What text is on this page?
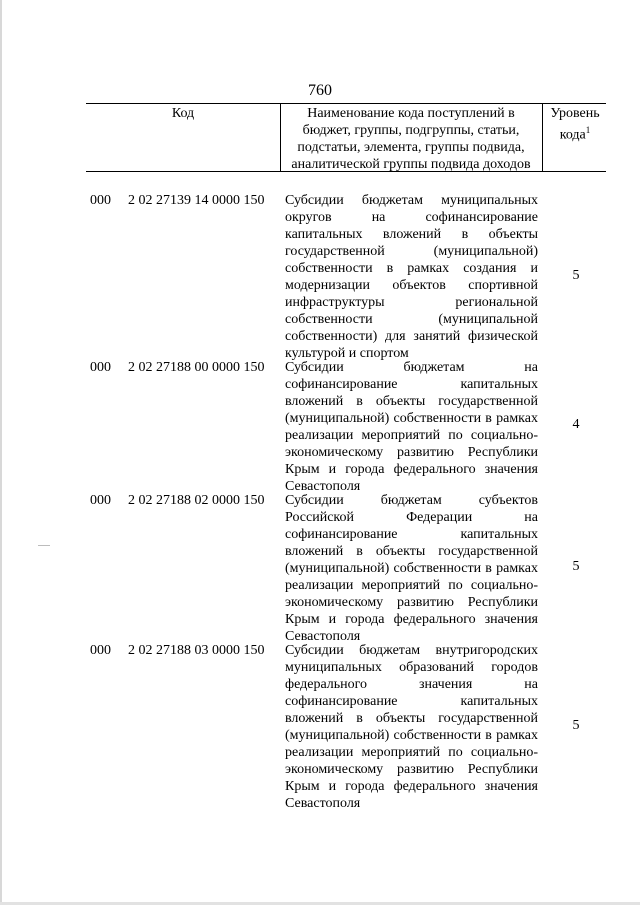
760
Код	Наименование кода поступлений в бюджет, группы, подгруппы, статьи, подстатьи, элемента, группы подвида, аналитической группы подвида доходов
Уровень кода$^1$
000 2 02 27139 14 0000 150 Субсидии бюджетам муниципальных округов на софинансирование капитальных вложений в объекты государственной (муниципальной) собственности в рамках создания и модернизации объектов спортивной инфраструктуры региональной собственности (муниципальной собственности) для занятий физической культурой и спортом
5
000 2 02 27188 00 0000 150 Субсидии бюджетам на софинансирование капитальных вложений в объекты государственной (муниципальной) собственности в рамках реализации мероприятий по социально-экономическому развитию Республики Крым и города федерального значения Севастополя
4
000 2 02 27188 02 0000 150 Субсидии бюджетам субъектов Российской Федерации на софинансирование капитальных вложений в объекты государственной (муниципальной) собственности в рамках реализации мероприятий по социально-экономическому развитию Республики Крым и города федерального значения Севастополя
5
000 2 02 27188 03 0000 150 Субсидии бюджетам внутригородских муниципальных образований городов федерального значения на софинансирование капитальных вложений в объекты государственной (муниципальной) собственности в рамках реализации мероприятий по социально-экономическому развитию Республики Крым и города федерального значения Севастополя
5
